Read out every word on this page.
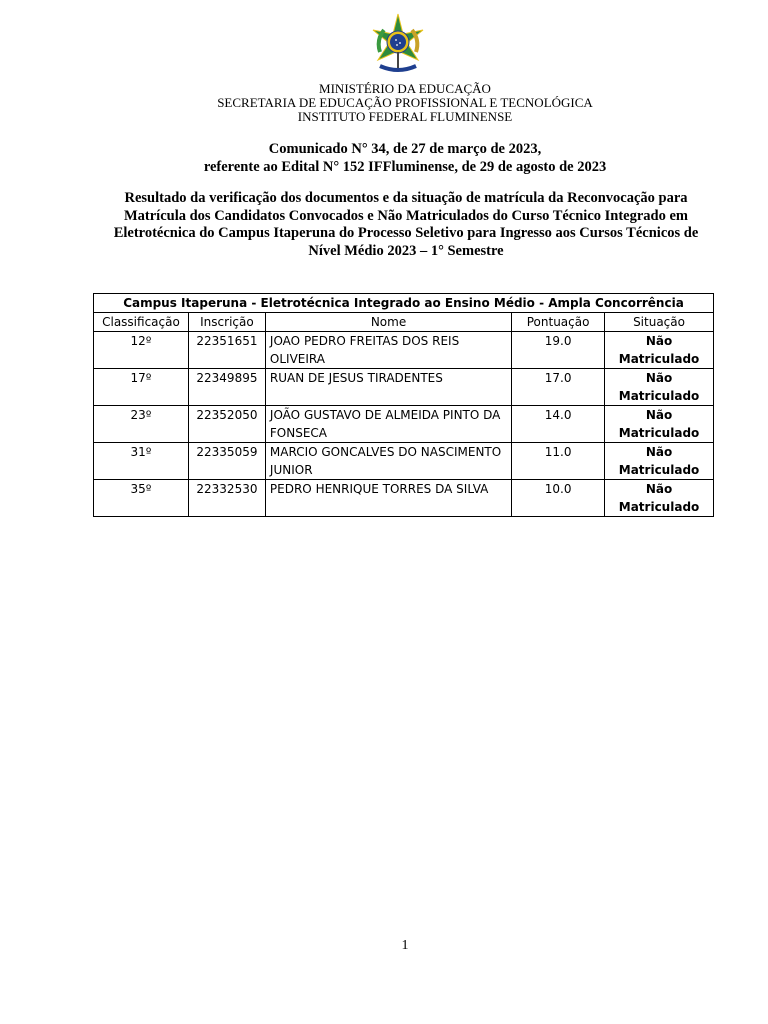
MINISTÉRIO DA EDUCAÇÃO
SECRETARIA DE EDUCAÇÃO PROFISSIONAL E TECNOLÓGICA
INSTITUTO FEDERAL FLUMINENSE
Comunicado N° 34, de 27 de março de 2023,
referente ao Edital N° 152 IFFluminense, de 29 de agosto de 2023
Resultado da verificação dos documentos e da situação de matrícula da Reconvocação para Matrícula dos Candidatos Convocados e Não Matriculados do Curso Técnico Integrado em Eletrotécnica do Campus Itaperuna do Processo Seletivo para Ingresso aos Cursos Técnicos de Nível Médio 2023 – 1° Semestre
Campus Itaperuna - Eletrotécnica Integrado ao Ensino Médio - Ampla Concorrência				
Classificação	Inscrição	Nome	Pontuação	Situação
12º	22351651	JOAO PEDRO FREITAS DOS REIS OLIVEIRA	19.0	Não Matriculado
17º	22349895	RUAN DE JESUS TIRADENTES	17.0	Não Matriculado
23º	22352050	JOÃO GUSTAVO DE ALMEIDA PINTO DA FONSECA	14.0	Não Matriculado
31º	22335059	MARCIO GONCALVES DO NASCIMENTO JUNIOR	11.0	Não Matriculado
35º	22332530	PEDRO HENRIQUE TORRES DA SILVA	10.0	Não Matriculado
1
